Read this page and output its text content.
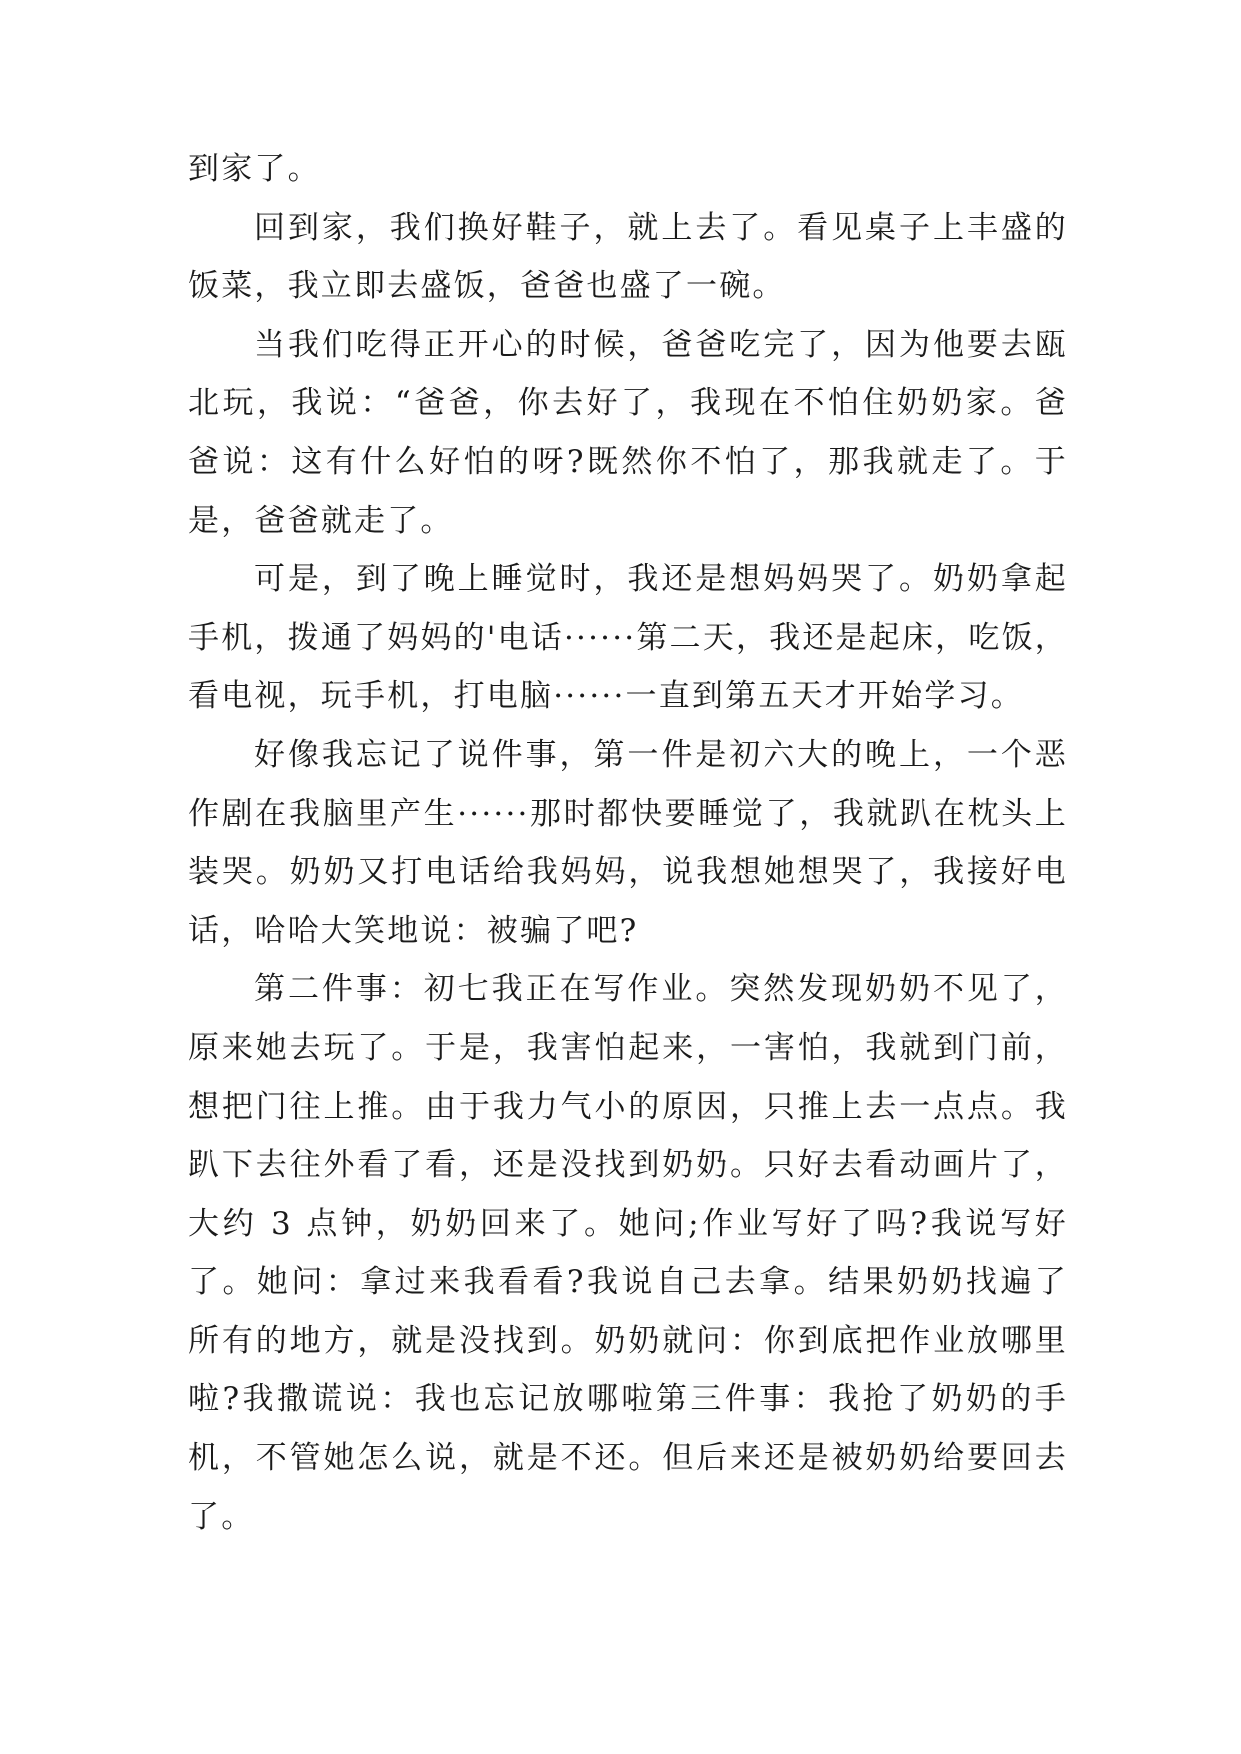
到家了。

回到家，我们换好鞋子，就上去了。看见桌子上丰盛的饭菜，我立即去盛饭，爸爸也盛了一碗。

当我们吃得正开心的时候，爸爸吃完了，因为他要去瓯北玩，我说：“爸爸，你去好了，我现在不怕住奶奶家。爸爸说：这有什么好怕的呀?既然你不怕了，那我就走了。于是，爸爸就走了。

可是，到了晚上睡觉时，我还是想妈妈哭了。奶奶拿起手机，拨通了妈妈的'电话······第二天，我还是起床，吃饭，看电视，玩手机，打电脑······一直到第五天才开始学习。

好像我忘记了说件事，第一件是初六大的晚上，一个恶作剧在我脑里产生······那时都快要睡觉了，我就趴在枕头上装哭。奶奶又打电话给我妈妈，说我想她想哭了，我接好电话，哈哈大笑地说：被骗了吧?

第二件事：初七我正在写作业。突然发现奶奶不见了，原来她去玩了。于是，我害怕起来，一害怕，我就到门前，想把门往上推。由于我力气小的原因，只推上去一点点。我趴下去往外看了看，还是没找到奶奶。只好去看动画片了，大约 3 点钟，奶奶回来了。她问;作业写好了吗?我说写好了。她问：拿过来我看看?我说自己去拿。结果奶奶找遍了所有的地方，就是没找到。奶奶就问：你到底把作业放哪里啦?我撒谎说：我也忘记放哪啦第三件事：我抢了奶奶的手机，不管她怎么说，就是不还。但后来还是被奶奶给要回去了。
